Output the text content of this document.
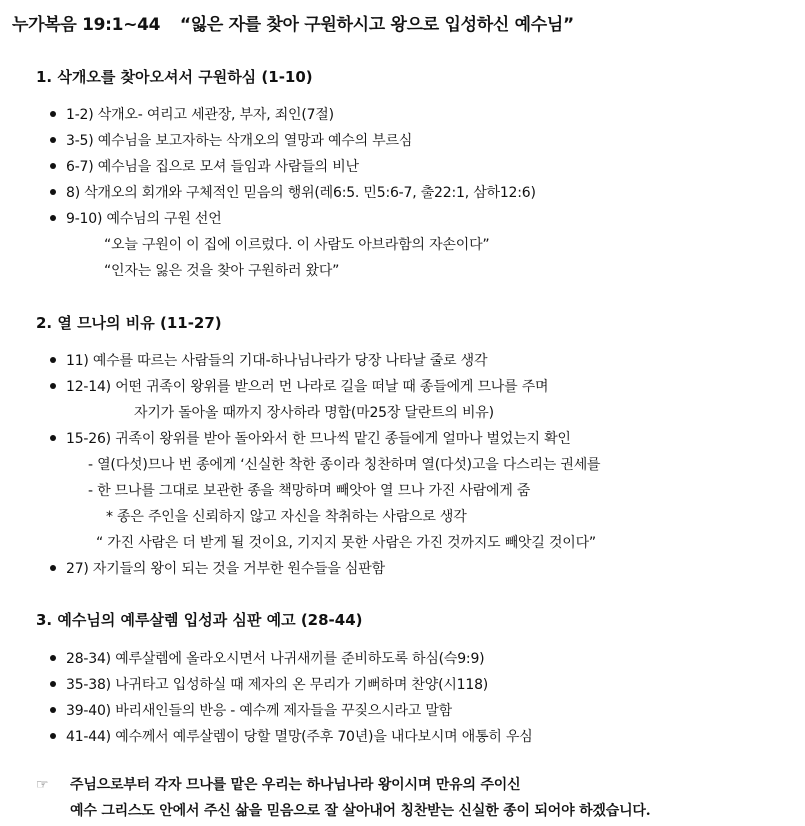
누가복음 19:1~44 “잃은 자를 찾아 구원하시고 왕으로 입성하신 예수님”
1. 삭개오를 찾아오셔서 구원하심 (1-10)
1-2) 삭개오- 여리고 세관장, 부자, 죄인(7절)
3-5) 예수님을 보고자하는 삭개오의 열망과 예수의 부르심
6-7) 예수님을 집으로 모셔 들임과 사람들의 비난
8) 삭개오의 회개와 구체적인 믿음의 행위(레6:5. 민5:6-7, 출22:1, 삼하12:6)
9-10) 예수님의 구원 선언
“오늘 구원이 이 집에 이르렀다. 이 사람도 아브라함의 자손이다”
“인자는 잃은 것을 찾아 구원하러 왔다”
2. 열 므나의 비유 (11-27)
11) 예수를 따르는 사람들의 기대-하나님나라가 당장 나타날 줄로 생각
12-14) 어떤 귀족이 왕위를 받으러 먼 나라로 길을 떠날 때 종들에게 므나를 주며
자기가 돌아올 때까지 장사하라 명함(마25장 달란트의 비유)
15-26) 귀족이 왕위를 받아 돌아와서 한 므나씩 맡긴 종들에게 얼마나 벌었는지 확인
- 열(다섯)므나 번 종에게 ‘신실한 착한 종이라 칭찬하며 열(다섯)고을 다스리는 권세를
- 한 므나를 그대로 보관한 종을 책망하며 빼앗아 열 므나 가진 사람에게 줌
* 종은 주인을 신뢰하지 않고 자신을 착취하는 사람으로 생각
“ 가진 사람은 더 받게 될 것이요, 기지지 못한 사람은 가진 것까지도 빼앗길 것이다”
27) 자기들의 왕이 되는 것을 거부한 원수들을 심판함
3. 예수님의 예루살렘 입성과 심판 예고 (28-44)
28-34) 예루살렘에 올라오시면서 나귀새끼를 준비하도록 하심(슥9:9)
35-38) 나귀타고 입성하실 때 제자의 온 무리가 기뻐하며 찬양(시118)
39-40) 바리새인들의 반응 - 예수께 제자들을 꾸짖으시라고 말함
41-44) 예수께서 예루살렘이 당할 멸망(주후 70년)을 내다보시며 애통히 우심
☞ 주님으로부터 각자 므나를 맡은 우리는 하나님나라 왕이시며 만유의 주이신
예수 그리스도 안에서 주신 삶을 믿음으로 잘 살아내어 칭찬받는 신실한 종이 되어야 하겠습니다.
